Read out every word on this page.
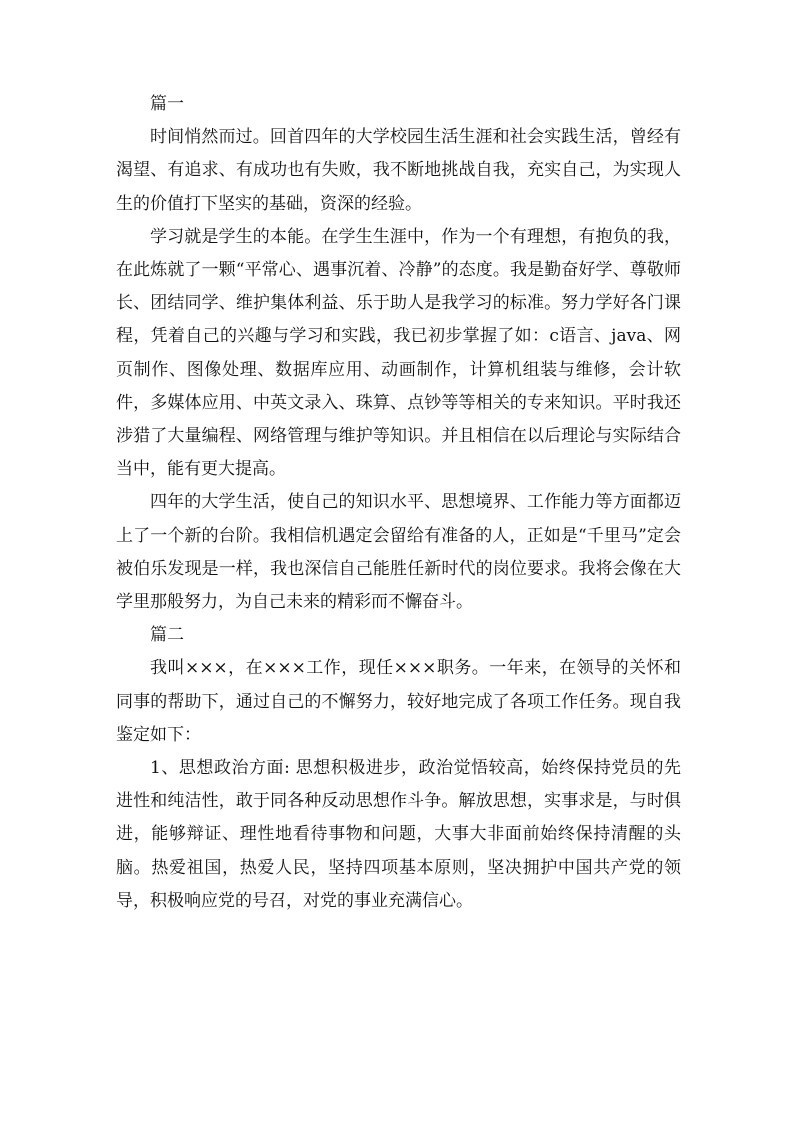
篇一

时间悄然而过。回首四年的大学校园生活生涯和社会实践生活，曾经有渴望、有追求、有成功也有失败，我不断地挑战自我，充实自己，为实现人生的价值打下坚实的基础，资深的经验。

学习就是学生的本能。在学生生涯中，作为一个有理想，有抱负的我，在此炼就了一颗“平常心、遇事沉着、冷静”的态度。我是勤奋好学、尊敬师长、团结同学、维护集体利益、乐于助人是我学习的标准。努力学好各门课程，凭着自己的兴趣与学习和实践，我已初步掌握了如：c语言、java、网页制作、图像处理、数据库应用、动画制作，计算机组装与维修，会计软件，多媒体应用、中英文录入、珠算、点钞等等相关的专来知识。平时我还涉猎了大量编程、网络管理与维护等知识。并且相信在以后理论与实际结合当中，能有更大提高。

四年的大学生活，使自己的知识水平、思想境界、工作能力等方面都迈上了一个新的台阶。我相信机遇定会留给有准备的人，正如是“千里马”定会被伯乐发现是一样，我也深信自己能胜任新时代的岗位要求。我将会像在大学里那般努力，为自己未来的精彩而不懈奋斗。

篇二

我叫×××，在×××工作，现任×××职务。一年来，在领导的关怀和同事的帮助下，通过自己的不懈努力，较好地完成了各项工作任务。现自我鉴定如下：

1、思想政治方面: 思想积极进步，政治觉悟较高，始终保持党员的先进性和纯洁性，敢于同各种反动思想作斗争。解放思想，实事求是，与时俱进，能够辩证、理性地看待事物和问题，大事大非面前始终保持清醒的头脑。热爱祖国，热爱人民，坚持四项基本原则，坚决拥护中国共产党的领导，积极响应党的号召，对党的事业充满信心。
